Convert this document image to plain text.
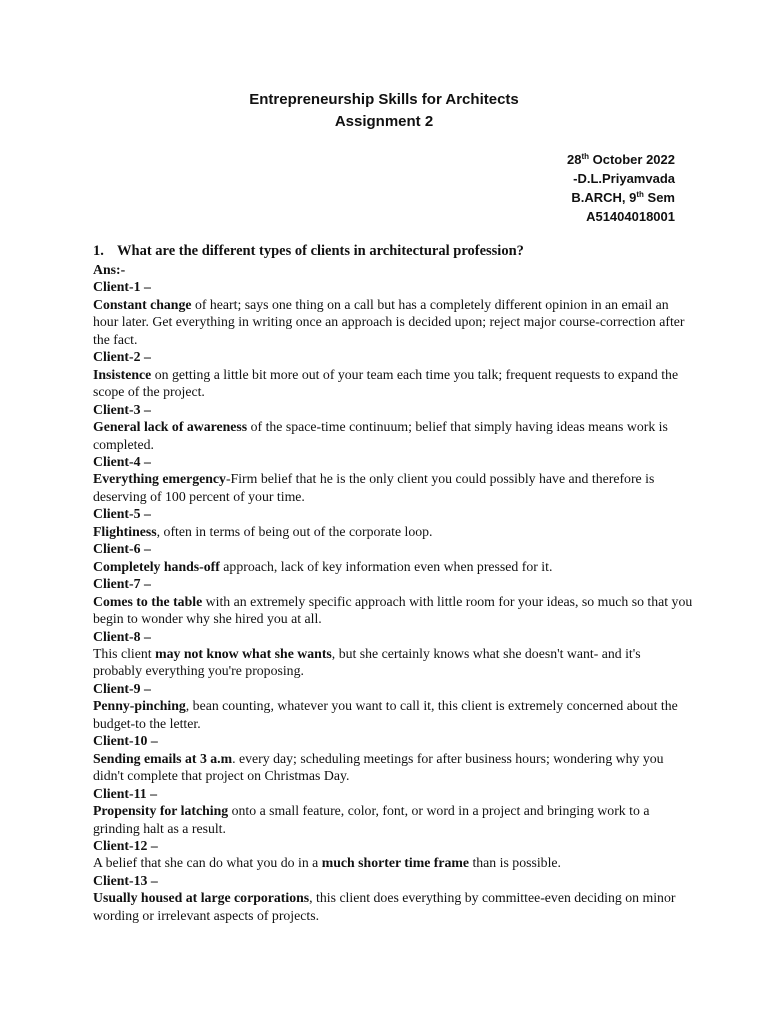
Entrepreneurship Skills for Architects
Assignment 2
28th October 2022
-D.L.Priyamvada
B.ARCH, 9th Sem
A51404018001
1. What are the different types of clients in architectural profession?

Ans:-

Client-1 –

Constant change of heart; says one thing on a call but has a completely different opinion in an email an hour later. Get everything in writing once an approach is decided upon; reject major course-correction after the fact.

Client-2 –

Insistence on getting a little bit more out of your team each time you talk; frequent requests to expand the scope of the project.

Client-3 –

General lack of awareness of the space-time continuum; belief that simply having ideas means work is completed.

Client-4 –

Everything emergency-Firm belief that he is the only client you could possibly have and therefore is deserving of 100 percent of your time.

Client-5 –

Flightiness, often in terms of being out of the corporate loop.

Client-6 –

Completely hands-off approach, lack of key information even when pressed for it.

Client-7 –

Comes to the table with an extremely specific approach with little room for your ideas, so much so that you begin to wonder why she hired you at all.

Client-8 –

This client may not know what she wants, but she certainly knows what she doesn't want- and it's probably everything you're proposing.

Client-9 –

Penny-pinching, bean counting, whatever you want to call it, this client is extremely concerned about the budget-to the letter.

Client-10 –

Sending emails at 3 a.m. every day; scheduling meetings for after business hours; wondering why you didn't complete that project on Christmas Day.

Client-11 –

Propensity for latching onto a small feature, color, font, or word in a project and bringing work to a grinding halt as a result.

Client-12 –

A belief that she can do what you do in a much shorter time frame than is possible.

Client-13 –

Usually housed at large corporations, this client does everything by committee-even deciding on minor wording or irrelevant aspects of projects.
